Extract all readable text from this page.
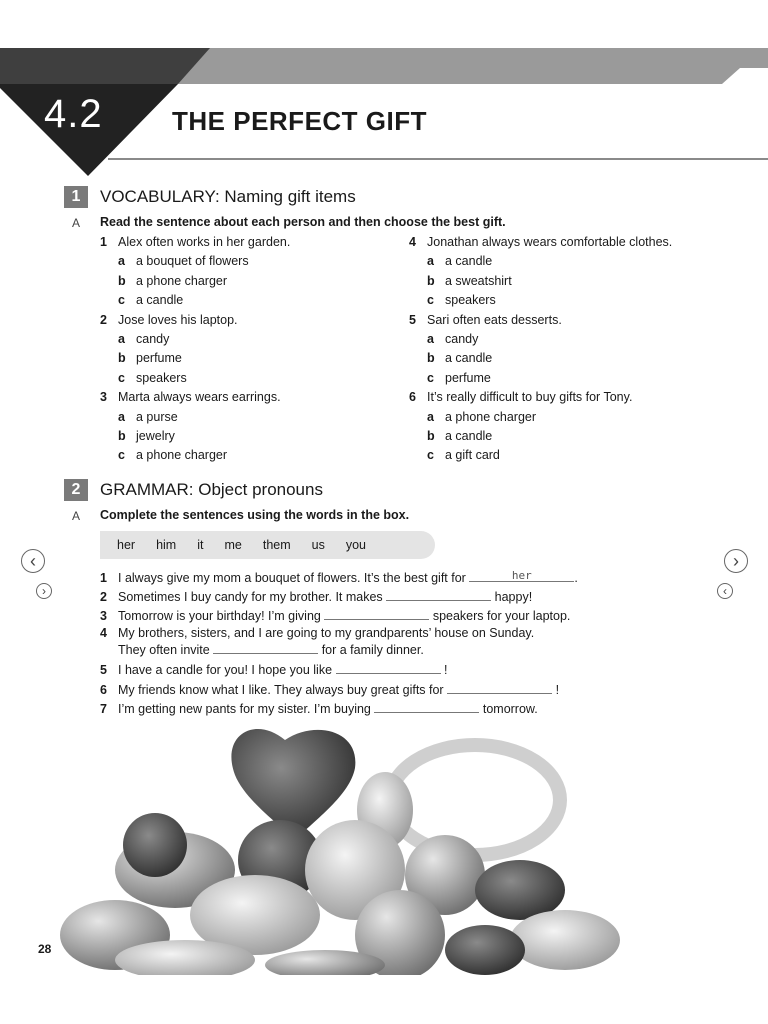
4.2	THE PERFECT GIFT
1	VOCABULARY: Naming gift items
A Read the sentence about each person and then choose the best gift.
1 Alex often works in her garden.
a a bouquet of flowers
b a phone charger
c a candle
2 Jose loves his laptop.
a candy
b perfume
c speakers
3 Marta always wears earrings.
a a purse
b jewelry
c a phone charger
4 Jonathan always wears comfortable clothes.
a a candle
b a sweatshirt
c speakers
5 Sari often eats desserts.
a candy
b a candle
c perfume
6 It’s really difficult to buy gifts for Tony.
a a phone charger
b a candle
c a gift card
2	GRAMMAR: Object pronouns
A Complete the sentences using the words in the box.
her him it me them us you
1 I always give my mom a bouquet of flowers. It’s the best gift for	her	.
2 Sometimes I buy candy for my brother. It makes	happy!
3 Tomorrow is your birthday! I’m giving	speakers for your laptop.
4 My brothers, sisters, and I are going to my grandparents’ house on Sunday.
They often invite	for a family dinner.
5 I have a candle for you! I hope you like	!
6 My friends know what I like. They always buy great gifts for	!
7 I’m getting new pants for my sister. I’m buying	tomorrow.
‹
›
›
‹
28
